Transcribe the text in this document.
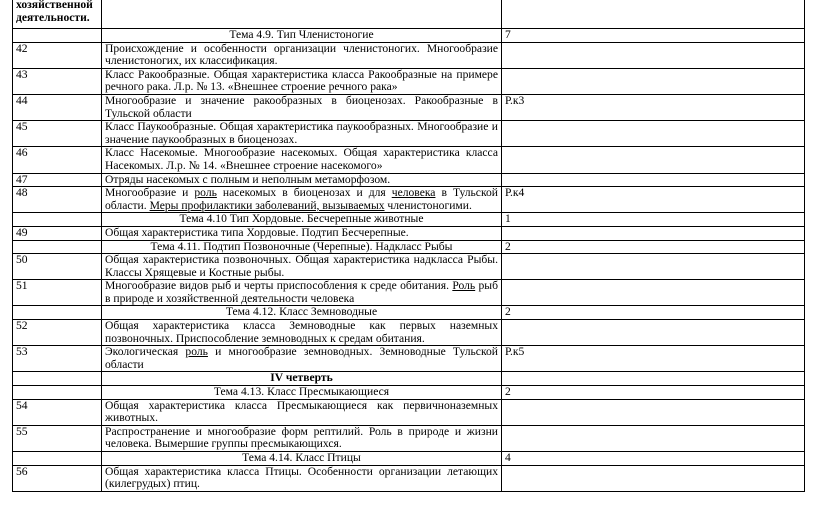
хозяйственной деятельности.		
	Тема 4.9. Тип Членистоногие	7
42	Происхождение и особенности организации членистоногих. Многообразие членистоногих, их классификация.	
43	Класс Ракообразные. Общая характеристика класса Ракообразные на примере речного рака. Л.р. № 13. «Внешнее строение речного рака»	
44	Многообразие и значение ракообразных в биоценозах. Ракообразные в Тульской области	Р.к3
45	Класс Паукообразные. Общая характеристика паукообразных. Многообразие и значение паукообразных в биоценозах.	
46	Класс Насекомые. Многообразие насекомых. Общая характеристика класса Насекомых. Л.р. № 14. «Внешнее строение насекомого»	
47	Отряды насекомых с полным и неполным метаморфозом.	
48	Многообразие и роль насекомых в биоценозах и для человека в Тульской области. Меры профилактики заболеваний, вызываемых членистоногими.	Р.к4
	Тема 4.10 Тип Хордовые. Бесчерепные животные	1
49	Общая характеристика типа Хордовые. Подтип Бесчерепные.	
	Тема 4.11. Подтип Позвоночные (Черепные). Надкласс Рыбы	2
50	Общая характеристика позвоночных. Общая характеристика надкласса Рыбы. Классы Хрящевые и Костные рыбы.	
51	Многообразие видов рыб и черты приспособления к среде обитания. Роль рыб в природе и хозяйственной деятельности человека	
	Тема 4.12. Класс Земноводные	2
52	Общая характеристика класса Земноводные как первых наземных позвоночных. Приспособление земноводных к средам обитания.	
53	Экологическая роль и многообразие земноводных. Земноводные Тульской области	Р.к5
	IV четверть	
	Тема 4.13. Класс Пресмыкающиеся	2
54	Общая характеристика класса Пресмыкающиеся как первичноназемных животных.	
55	Распространение и многообразие форм рептилий. Роль в природе и жизни человека. Вымершие группы пресмыкающихся.	
	Тема 4.14. Класс Птицы	4
56	Общая характеристика класса Птицы. Особенности организации летающих (килегрудых) птиц.	
